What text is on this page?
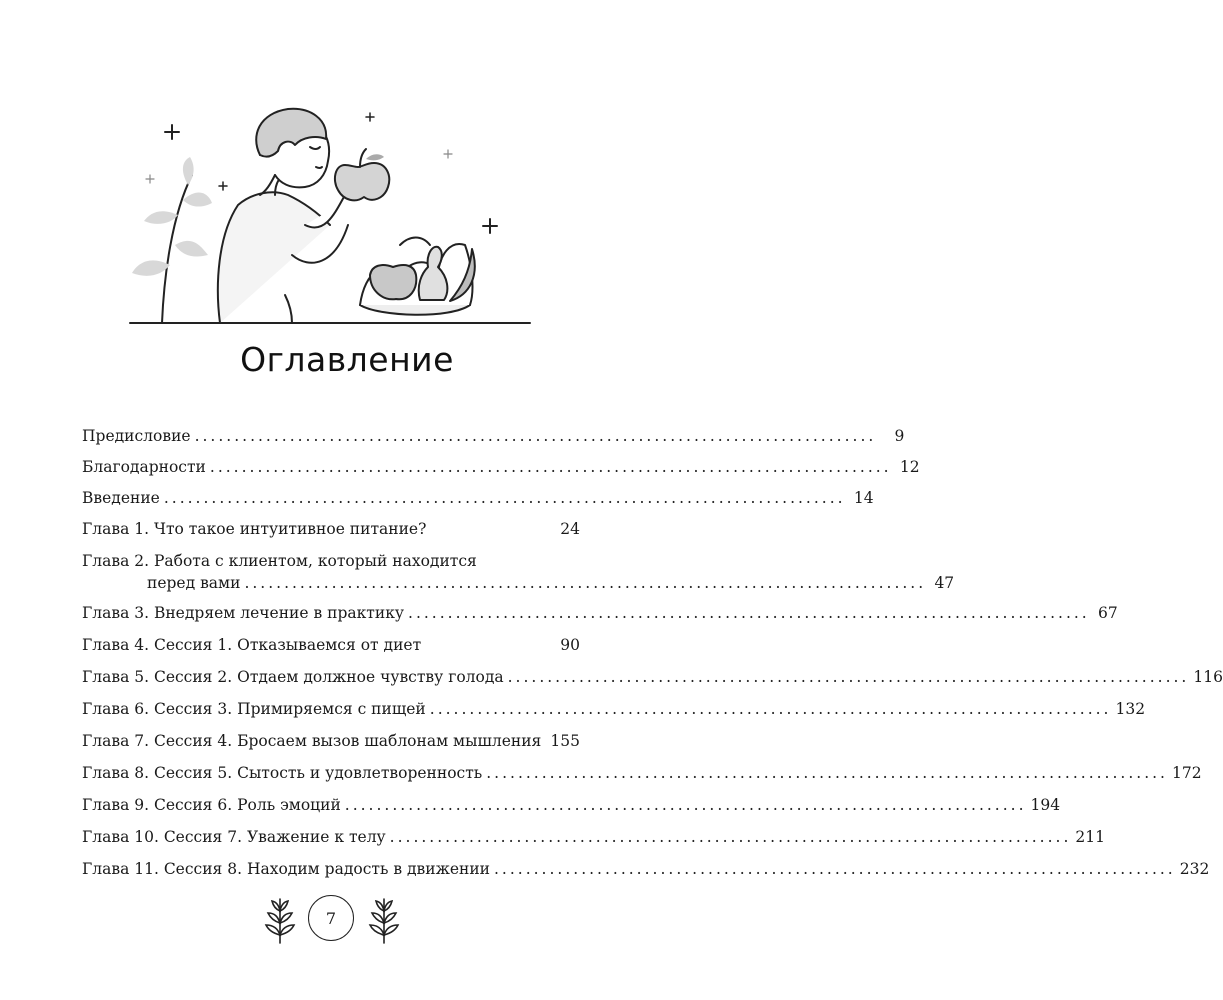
Оглавление
Предисловие ......................................................................................	9
Благодарности ...................................................................................... 12
Введение ...................................................................................... 14
Глава 1. Что такое интуитивное питание?	24
Глава 2. Работа с клиентом, который находится
перед вами ...................................................................................... 47
Глава 3. Внедряем лечение в практику ...................................................................................... 67
Глава 4. Сессия 1. Отказываемся от диет	90
Глава 5. Сессия 2. Отдаем должное чувству голода ...................................................................................... 116
Глава 6. Сессия 3. Примиряемся с пищей ...................................................................................... 132
Глава 7. Сессия 4. Бросаем вызов шаблонам мышления 155
Глава 8. Сессия 5. Сытость и удовлетворенность ...................................................................................... 172
Глава 9. Сессия 6. Роль эмоций ...................................................................................... 194
Глава 10. Сессия 7. Уважение к телу ...................................................................................... 211
Глава 11. Сессия 8. Находим радость в движении ...................................................................................... 232
7
